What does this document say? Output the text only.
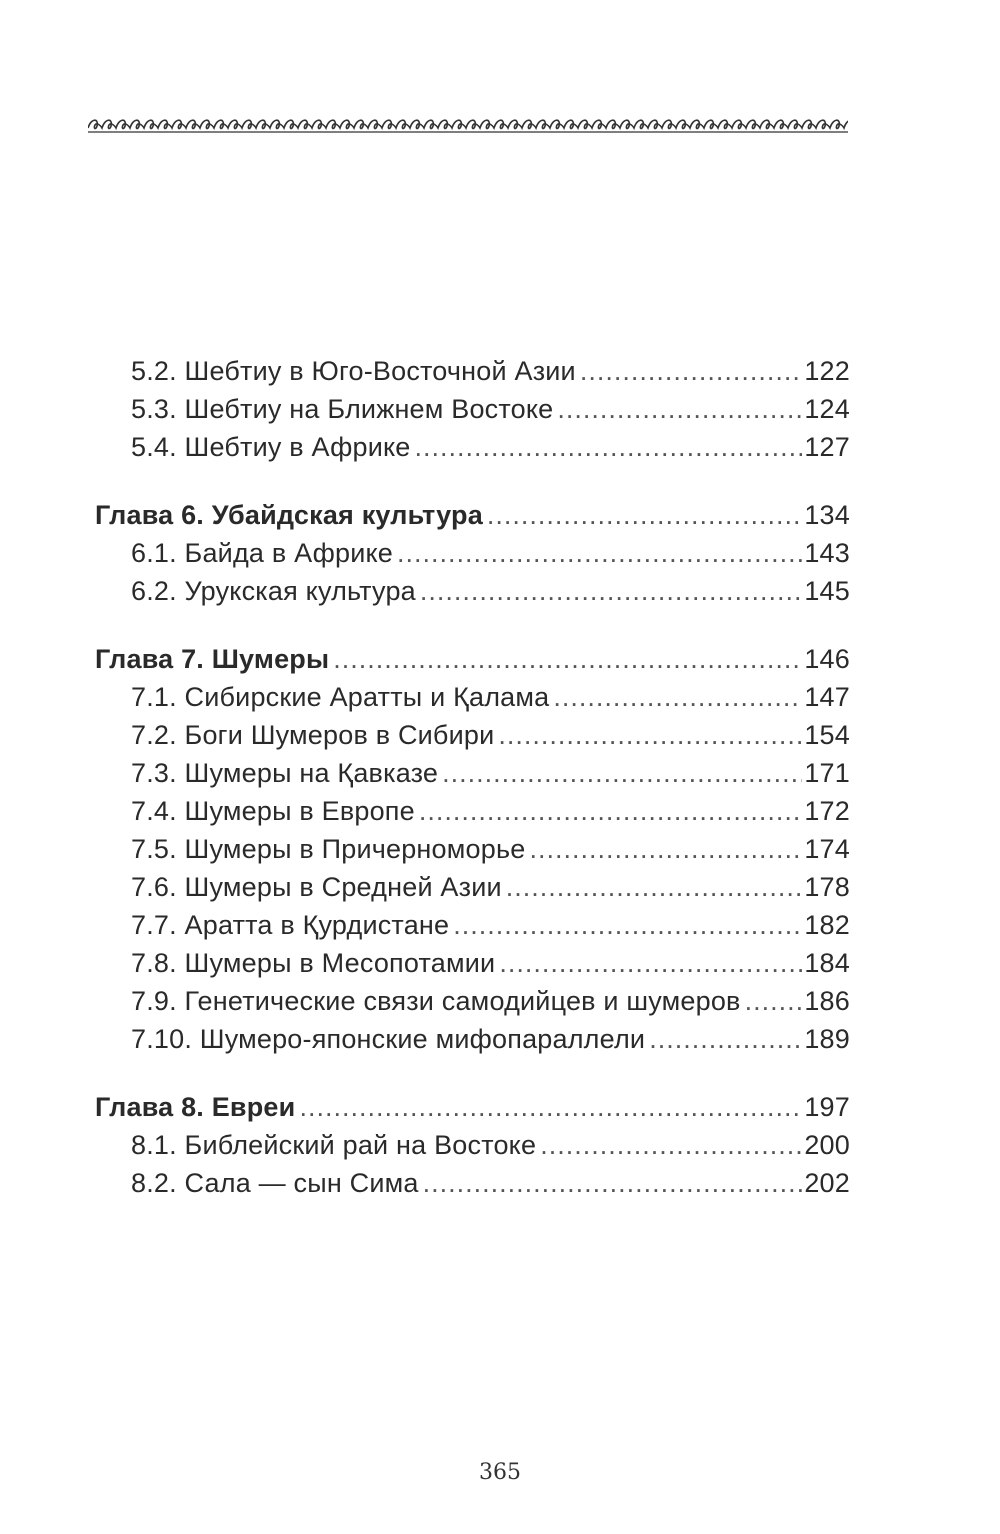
5.2. Шебтиу в Юго-Восточной Азии .....	122
5.3. Шебтиу на Ближнем Востоке .....	124
5.4. Шебтиу в Африке .....	127
Глава 6. Убайдская культура .....	134
6.1. Байда в Африке .....	143
6.2. Урукская культура .....	145
Глава 7. Шумеры .....	146
7.1. Сибирские Аратты и Қалама .....	147
7.2. Боги Шумеров в Сибири .....	154
7.3. Шумеры на Қавказе .....	171
7.4. Шумеры в Европе .....	172
7.5. Шумеры в Причерноморье .....	174
7.6. Шумеры в Средней Азии .....	178
7.7. Аратта в Қурдистане .....	182
7.8. Шумеры в Месопотамии .....	184
7.9. Генетические связи самодийцев и шумеров ..... 186
7.10. Шумеро-японские мифопараллели .....	189
Глава 8. Евреи .....	197
8.1. Библейский рай на Востоке .....	200
8.2. Сала — сын Сима .....	202
365
